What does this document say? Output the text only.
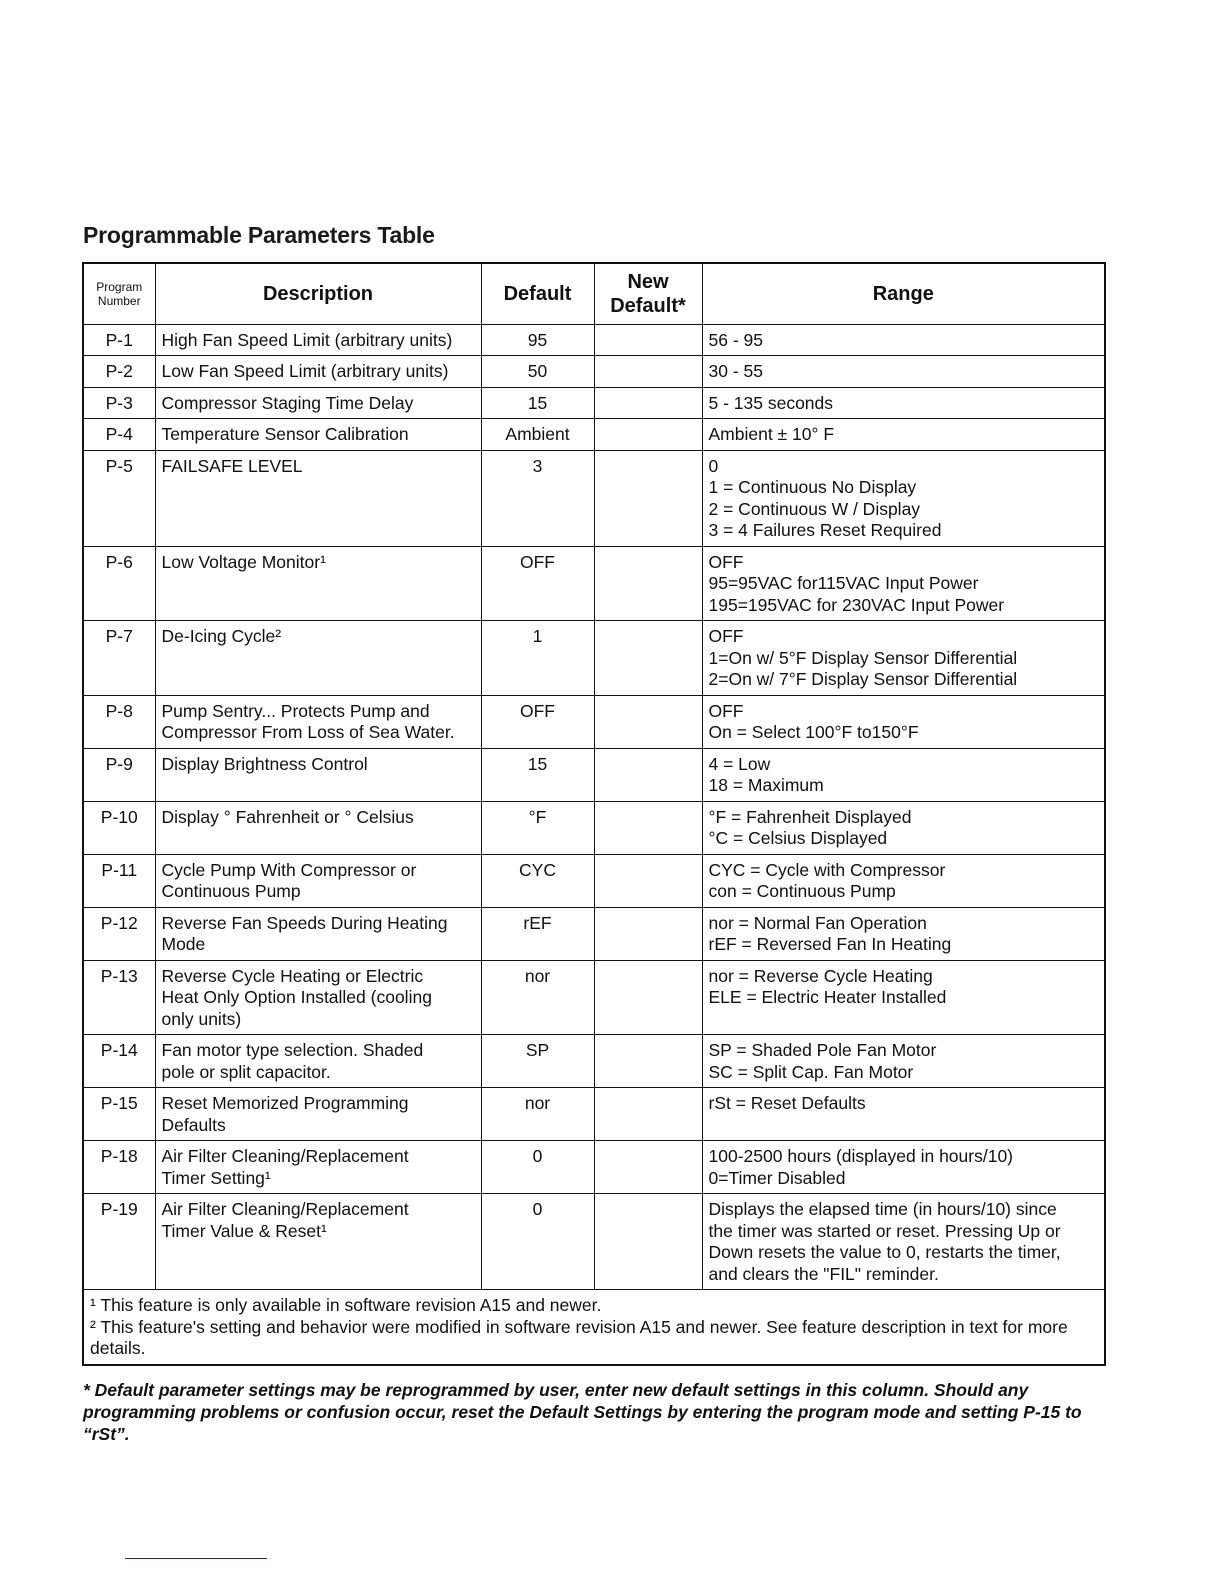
Programmable Parameters Table
Program
Number	Description	Default	New
Default*	Range
P-1	High Fan Speed Limit (arbitrary units)	95		56 - 95

P-2	Low Fan Speed Limit (arbitrary units)	50		30 - 55

P-3	Compressor Staging Time Delay	15		5 - 135 seconds

P-4	Temperature Sensor Calibration	Ambient		Ambient ± 10° F

P-5	FAILSAFE LEVEL	3		0
1 = Continuous No Display
2 = Continuous W / Display
3 = 4 Failures Reset Required

P-6	Low Voltage Monitor¹	OFF		OFF
95=95VAC for115VAC Input Power
195=195VAC for 230VAC Input Power

P-7	De-Icing Cycle²	1		OFF
1=On w/ 5°F Display Sensor Differential
2=On w/ 7°F Display Sensor Differential

P-8	Pump Sentry... Protects Pump and
Compressor From Loss of Sea Water.	OFF		OFF
On = Select 100°F to150°F

P-9	Display Brightness Control	15		4 = Low
18 = Maximum

P-10	Display ° Fahrenheit or ° Celsius	°F		°F = Fahrenheit Displayed
°C = Celsius Displayed

P-11	Cycle Pump With Compressor or
Continuous Pump	CYC		CYC = Cycle with Compressor
con = Continuous Pump

P-12	Reverse Fan Speeds During Heating
Mode	rEF		nor = Normal Fan Operation
rEF = Reversed Fan In Heating

P-13	Reverse Cycle Heating or Electric
Heat Only Option Installed (cooling
only units)	nor		nor = Reverse Cycle Heating
ELE = Electric Heater Installed

P-14	Fan motor type selection. Shaded
pole or split capacitor.	SP		SP = Shaded Pole Fan Motor
SC = Split Cap. Fan Motor

P-15	Reset Memorized Programming
Defaults	nor		rSt = Reset Defaults

P-18	Air Filter Cleaning/Replacement
Timer Setting¹	0		100-2500 hours (displayed in hours/10)
0=Timer Disabled

P-19	Air Filter Cleaning/Replacement
Timer Value & Reset¹	0		Displays the elapsed time (in hours/10) since
the timer was started or reset. Pressing Up or
Down resets the value to 0, restarts the timer,
and clears the "FIL" reminder.

¹ This feature is only available in software revision A15 and newer.
² This feature's setting and behavior were modified in software revision A15 and newer. See feature description in text for more details.				
* Default parameter settings may be reprogrammed by user, enter new default settings in this column. Should any programming problems or confusion occur, reset the Default Settings by entering the program mode and setting P-15 to “rSt”.
